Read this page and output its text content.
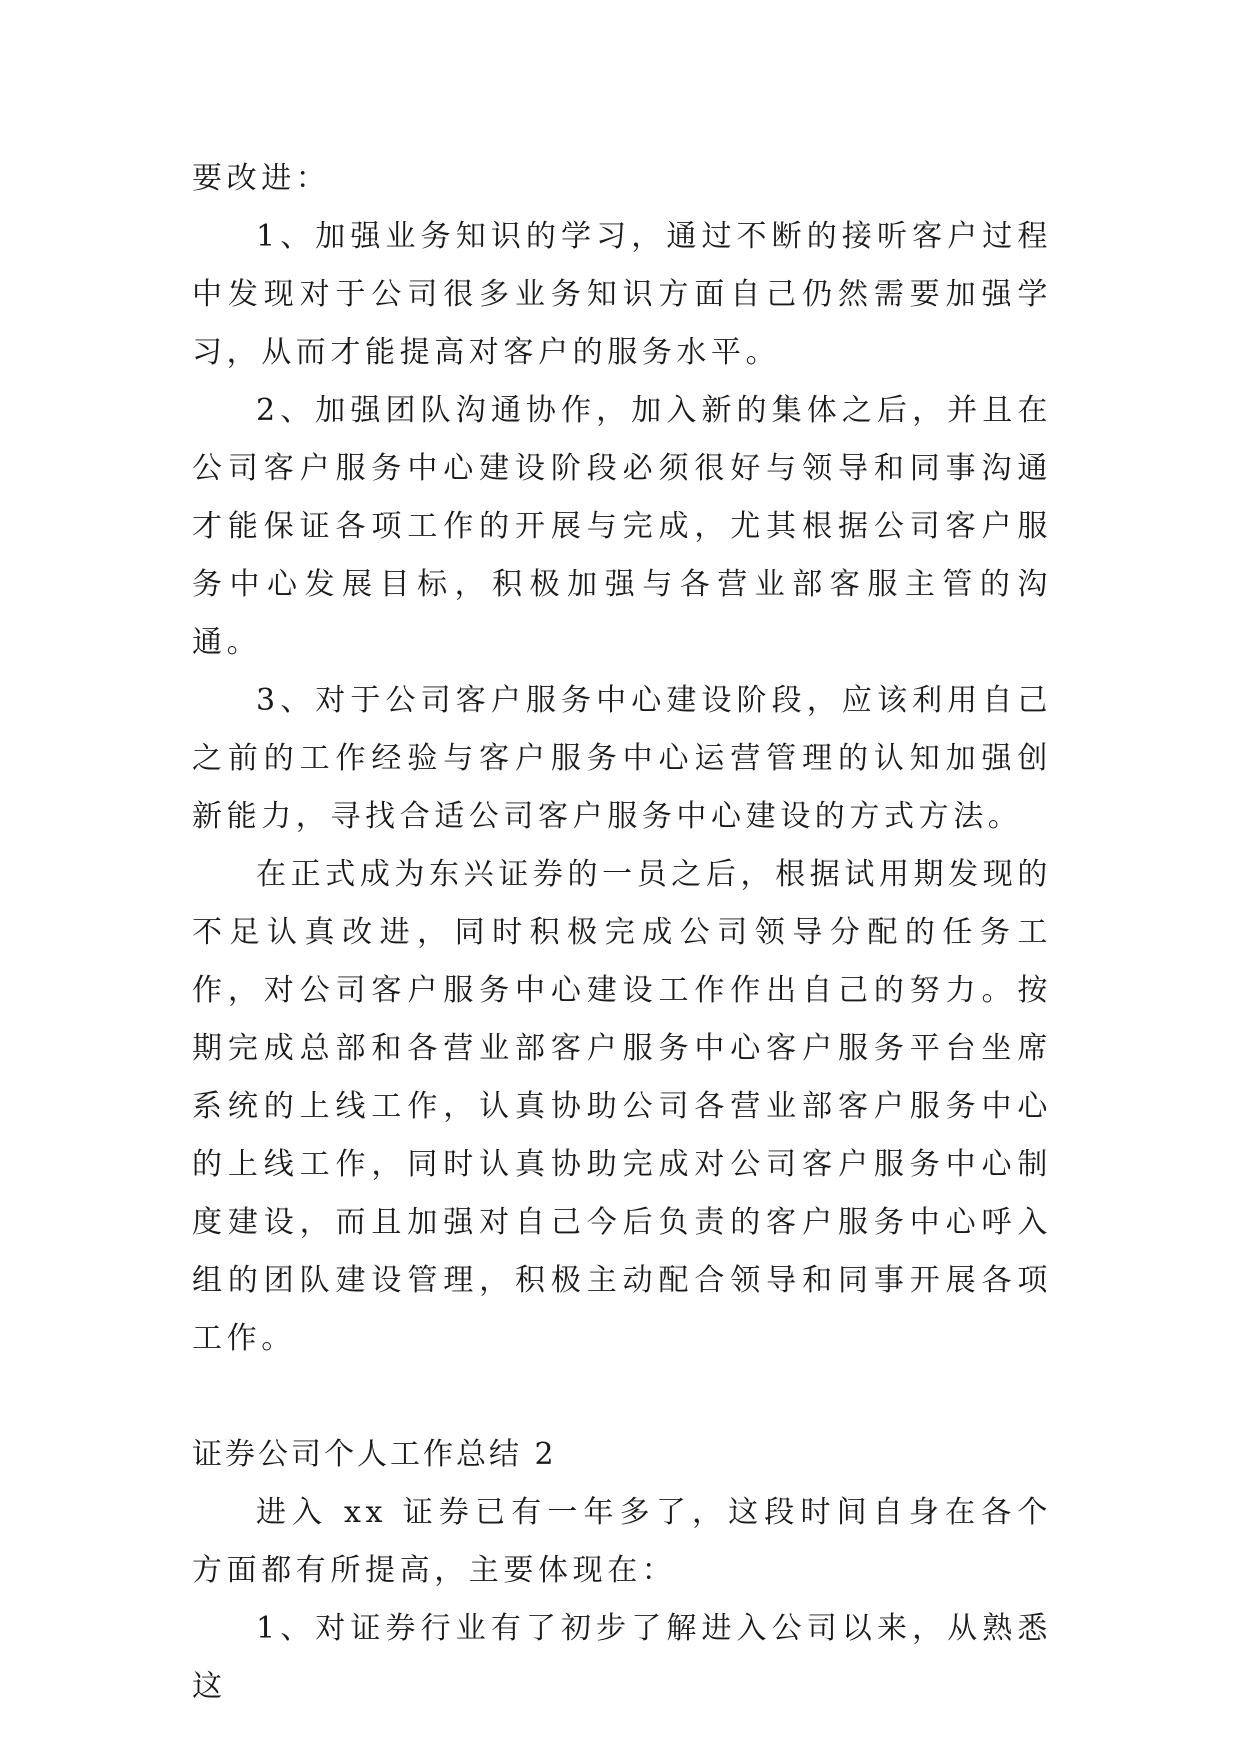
要改进：

1、加强业务知识的学习，通过不断的接听客户过程中发现对于公司很多业务知识方面自己仍然需要加强学习，从而才能提高对客户的服务水平。

2、加强团队沟通协作，加入新的集体之后，并且在公司客户服务中心建设阶段必须很好与领导和同事沟通才能保证各项工作的开展与完成，尤其根据公司客户服务中心发展目标，积极加强与各营业部客服主管的沟通。

3、对于公司客户服务中心建设阶段，应该利用自己之前的工作经验与客户服务中心运营管理的认知加强创新能力，寻找合适公司客户服务中心建设的方式方法。

在正式成为东兴证券的一员之后，根据试用期发现的不足认真改进，同时积极完成公司领导分配的任务工作，对公司客户服务中心建设工作作出自己的努力。按期完成总部和各营业部客户服务中心客户服务平台坐席系统的上线工作，认真协助公司各营业部客户服务中心的上线工作，同时认真协助完成对公司客户服务中心制度建设，而且加强对自己今后负责的客户服务中心呼入组的团队建设管理，积极主动配合领导和同事开展各项工作。

证券公司个人工作总结 2

进入 xx 证券已有一年多了，这段时间自身在各个方面都有所提高，主要体现在：

1、对证券行业有了初步了解进入公司以来，从熟悉这
